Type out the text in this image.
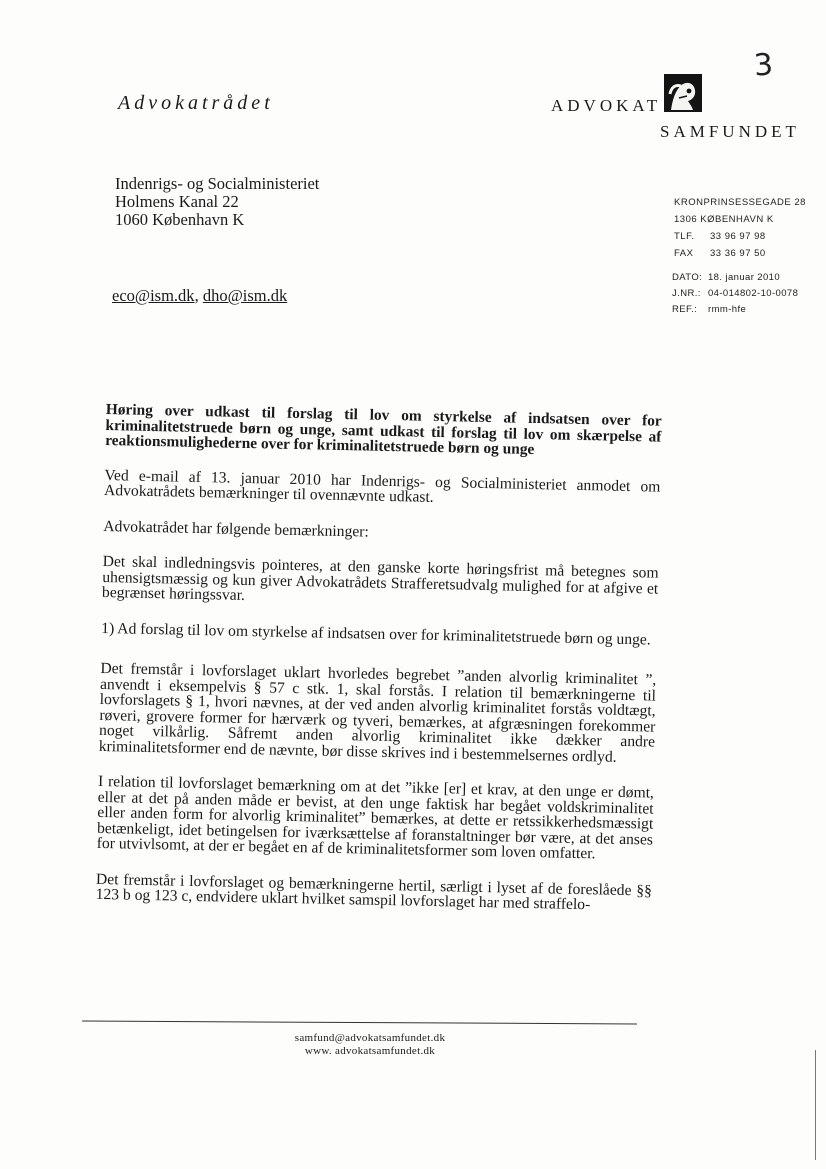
3
Advokatrådet	ADVOKAT
SAMFUNDET
Indenrigs- og Socialministeriet
Holmens Kanal 22
1060 København K
eco@ism.dk, dho@ism.dk
KRONPRINSESSEGADE 28
1306 KØBENHAVN K
TLF. 33 96 97 98
FAX 33 36 97 50
DATO: 18. januar 2010
J.NR.: 04-014802-10-0078
REF.: rmm-hfe

Høring over udkast til forslag til lov om styrkelse af indsatsen over for kriminalitetstruede børn og unge, samt udkast til forslag til lov om skærpelse af reaktionsmulighederne over for kriminalitetstruede børn og unge

Ved e-mail af 13. januar 2010 har Indenrigs- og Socialministeriet anmodet om Advokatrådets bemærkninger til ovennævnte udkast.

Advokatrådet har følgende bemærkninger:

Det skal indledningsvis pointeres, at den ganske korte høringsfrist må betegnes som uhensigtsmæssig og kun giver Advokatrådets Strafferetsudvalg mulighed for at afgive et begrænset høringssvar.

1) Ad forslag til lov om styrkelse af indsatsen over for kriminalitetstruede børn og unge.

Det fremstår i lovforslaget uklart hvorledes begrebet ”anden alvorlig kriminalitet ”, anvendt i eksempelvis § 57 c stk. 1, skal forstås. I relation til bemærkningerne til lovforslagets § 1, hvori nævnes, at der ved anden alvorlig kriminalitet forstås voldtægt, røveri, grovere former for hærværk og tyveri, bemærkes, at afgræsningen forekommer noget vilkårlig. Såfremt anden alvorlig kriminalitet ikke dækker andre kriminalitetsformer end de nævnte, bør disse skrives ind i bestemmelsernes ordlyd.

I relation til lovforslaget bemærkning om at det ”ikke [er] et krav, at den unge er dømt, eller at det på anden måde er bevist, at den unge faktisk har begået voldskriminalitet eller anden form for alvorlig kriminalitet” bemærkes, at dette er retssikkerhedsmæssigt betænkeligt, idet betingelsen for iværksættelse af foranstaltninger bør være, at det anses for utvivlsomt, at der er begået en af de kriminalitetsformer som loven omfatter.

Det fremstår i lovforslaget og bemærkningerne hertil, særligt i lyset af de foreslåede §§ 123 b og 123 c, endvidere uklart hvilket samspil lovforslaget har med straffelo-

samfund@advokatsamfundet.dk
www. advokatsamfundet.dk
